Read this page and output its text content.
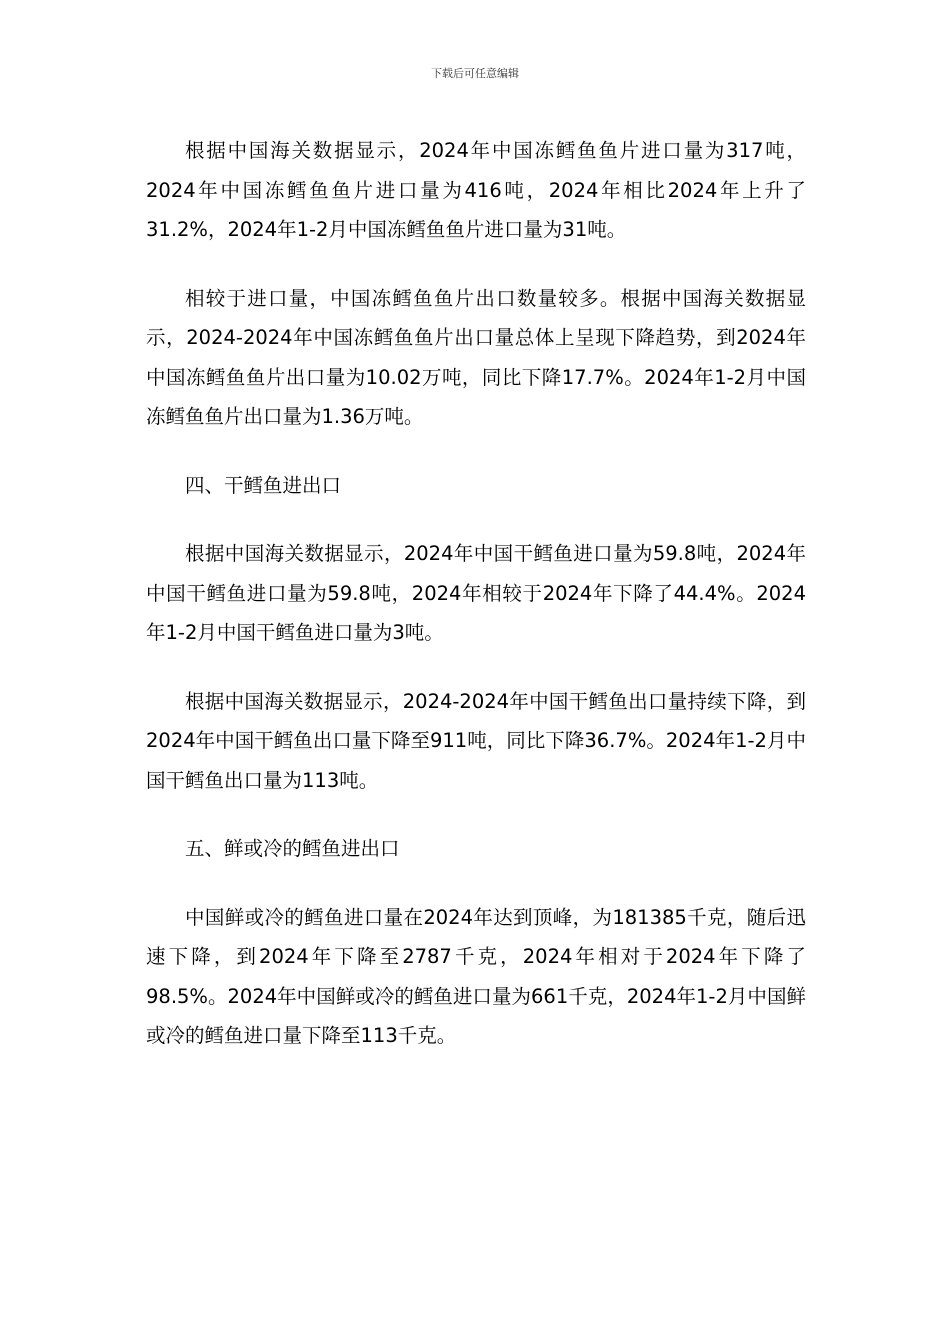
下载后可任意编辑

根据中国海关数据显示，2024年中国冻鳕鱼鱼片进口量为317吨，2024年中国冻鳕鱼鱼片进口量为416吨，2024年相比2024年上升了31.2%，2024年1-2月中国冻鳕鱼鱼片进口量为31吨。

相较于进口量，中国冻鳕鱼鱼片出口数量较多。根据中国海关数据显示，2024-2024年中国冻鳕鱼鱼片出口量总体上呈现下降趋势，到2024年中国冻鳕鱼鱼片出口量为10.02万吨，同比下降17.7%。2024年1-2月中国冻鳕鱼鱼片出口量为1.36万吨。

四、干鳕鱼进出口

根据中国海关数据显示，2024年中国干鳕鱼进口量为59.8吨，2024年中国干鳕鱼进口量为59.8吨，2024年相较于2024年下降了44.4%。2024年1-2月中国干鳕鱼进口量为3吨。

根据中国海关数据显示，2024-2024年中国干鳕鱼出口量持续下降，到2024年中国干鳕鱼出口量下降至911吨，同比下降36.7%。2024年1-2月中国干鳕鱼出口量为113吨。

五、鲜或冷的鳕鱼进出口

中国鲜或冷的鳕鱼进口量在2024年达到顶峰，为181385千克，随后迅速下降，到2024年下降至2787千克，2024年相对于2024年下降了98.5%。2024年中国鲜或冷的鳕鱼进口量为661千克，2024年1-2月中国鲜或冷的鳕鱼进口量下降至113千克。
